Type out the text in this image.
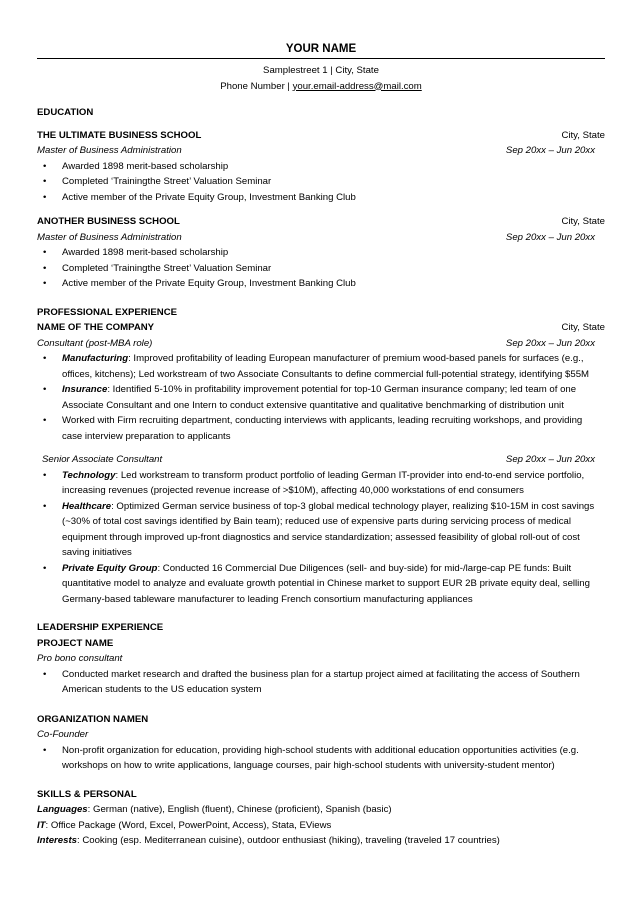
YOUR NAME
Samplestreet 1 | City, State
Phone Number | your.email-address@mail.com
EDUCATION
THE ULTIMATE BUSINESS SCHOOL	City, State
Master of Business Administration	Sep 20xx – Jun 20xx
• Awarded 1898 merit-based scholarship
• Completed ‘Trainingthe Street’ Valuation Seminar
• Active member of the Private Equity Group, Investment Banking Club
ANOTHER BUSINESS SCHOOL	City, State
Master of Business Administration	Sep 20xx – Jun 20xx
• Awarded 1898 merit-based scholarship
• Completed ‘Trainingthe Street’ Valuation Seminar
• Active member of the Private Equity Group, Investment Banking Club
PROFESSIONAL EXPERIENCE
NAME OF THE COMPANY	City, State
Consultant (post-MBA role)	Sep 20xx – Jun 20xx
• Manufacturing: Improved profitability of leading European manufacturer of premium wood-based panels for surfaces (e.g., offices, kitchens); Led workstream of two Associate Consultants to define commercial full-potential strategy, identifying $55M
• Insurance: Identified 5-10% in profitability improvement potential for top-10 German insurance company; led team of one Associate Consultant and one Intern to conduct extensive quantitative and qualitative benchmarking of distribution unit
• Worked with Firm recruiting department, conducting interviews with applicants, leading recruiting workshops, and providing case interview preparation to applicants
Senior Associate Consultant	Sep 20xx – Jun 20xx
• Technology: Led workstream to transform product portfolio of leading German IT-provider into end-to-end service portfolio, increasing revenues (projected revenue increase of >$10M), affecting 40,000 workstations of end consumers
• Healthcare: Optimized German service business of top-3 global medical technology player, realizing $10-15M in cost savings (~30% of total cost savings identified by Bain team); reduced use of expensive parts during servicing process of medical equipment through improved up-front diagnostics and service standardization; assessed feasibility of global roll-out of cost saving initiatives
• Private Equity Group: Conducted 16 Commercial Due Diligences (sell- and buy-side) for mid-/large-cap PE funds: Built quantitative model to analyze and evaluate growth potential in Chinese market to support EUR 2B private equity deal, selling Germany-based tableware manufacturer to leading French consortium manufacturing appliances
LEADERSHIP EXPERIENCE
PROJECT NAME
Pro bono consultant
• Conducted market research and drafted the business plan for a startup project aimed at facilitating the access of Southern American students to the US education system
ORGANIZATION NAMEN
Co-Founder
• Non-profit organization for education, providing high-school students with additional education opportunities activities (e.g. workshops on how to write applications, language courses, pair high-school students with university-student mentor)
SKILLS & PERSONAL
Languages: German (native), English (fluent), Chinese (proficient), Spanish (basic)
IT: Office Package (Word, Excel, PowerPoint, Access), Stata, EViews
Interests: Cooking (esp. Mediterranean cuisine), outdoor enthusiast (hiking), traveling (traveled 17 countries)
